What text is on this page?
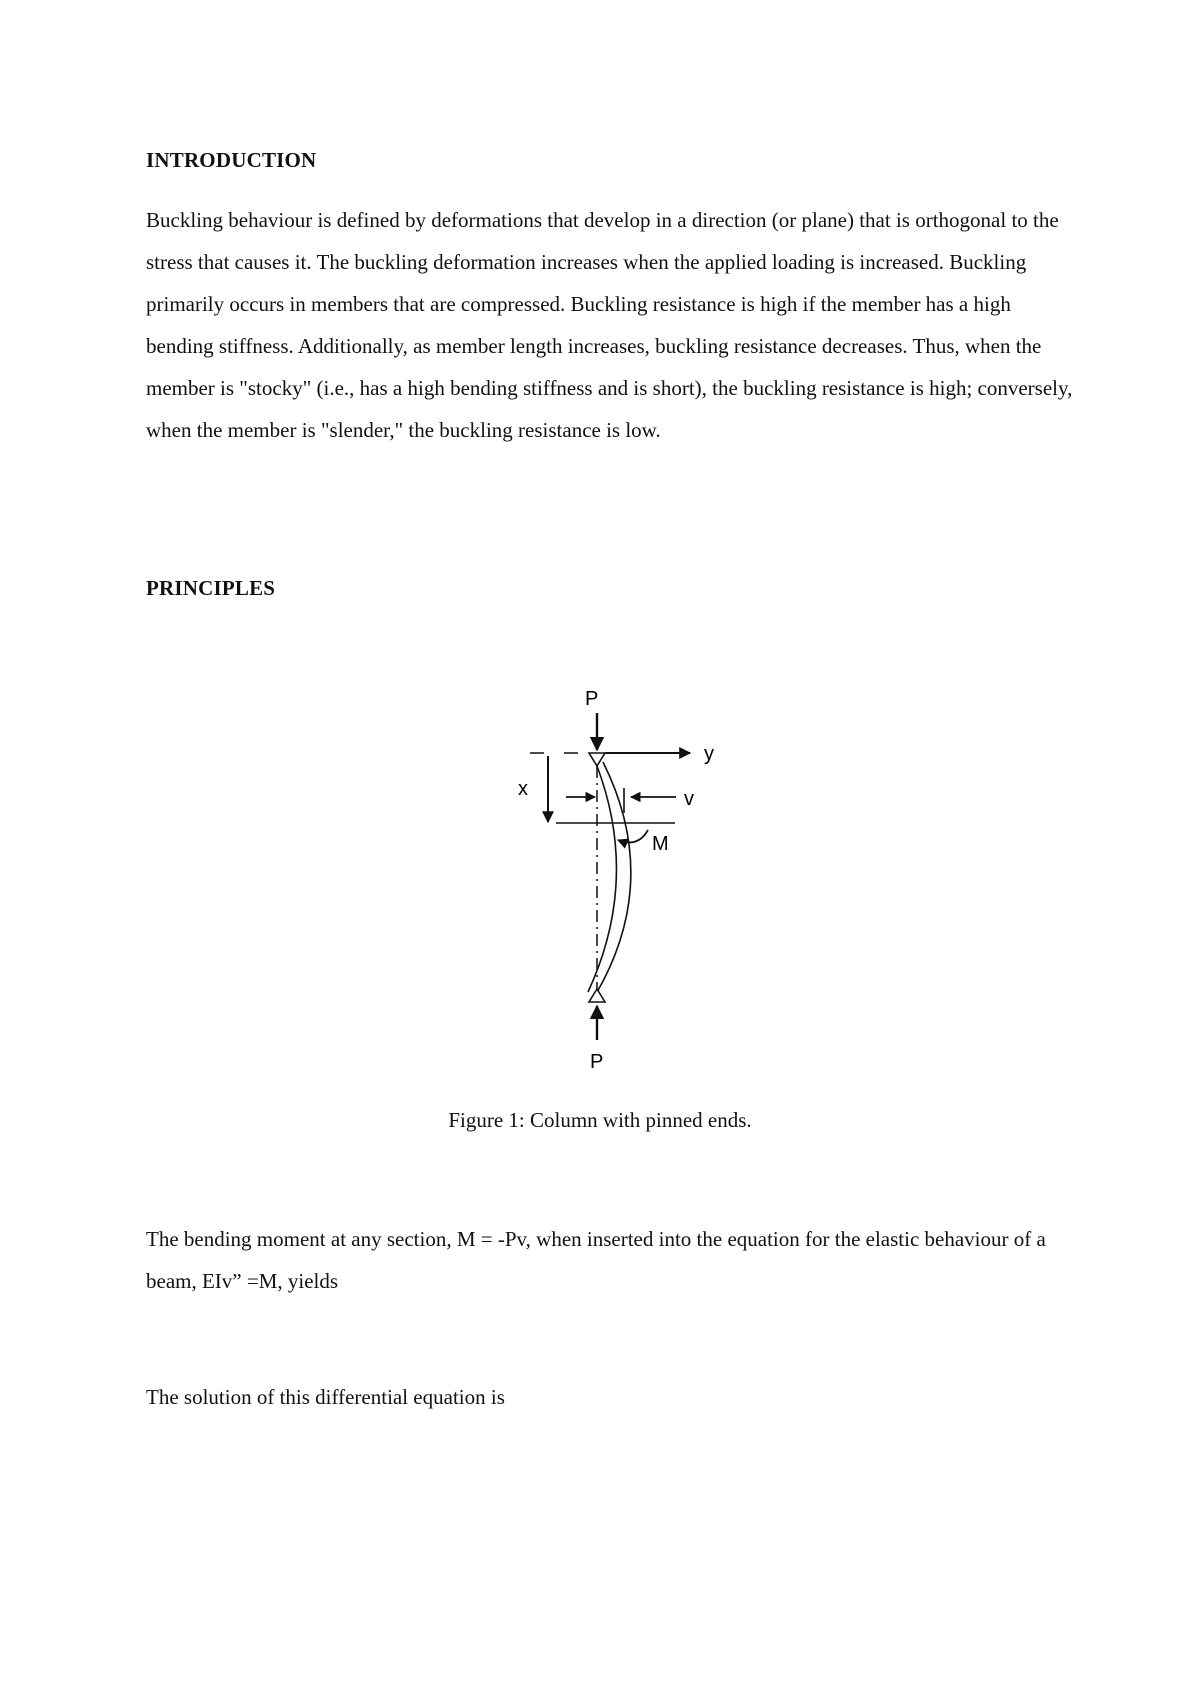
INTRODUCTION

Buckling behaviour is defined by deformations that develop in a direction (or plane) that is orthogonal to the stress that causes it. The buckling deformation increases when the applied loading is increased. Buckling primarily occurs in members that are compressed. Buckling resistance is high if the member has a high bending stiffness. Additionally, as member length increases, buckling resistance decreases. Thus, when the member is "stocky" (i.e., has a high bending stiffness and is short), the buckling resistance is high; conversely, when the member is "slender," the buckling resistance is low.

PRINCIPLES
P
y
x	v
M
P

Figure 1: Column with pinned ends.

The bending moment at any section, M = -Pv, when inserted into the equation for the elastic behaviour of a beam, EIv” =M, yields

The solution of this differential equation is
